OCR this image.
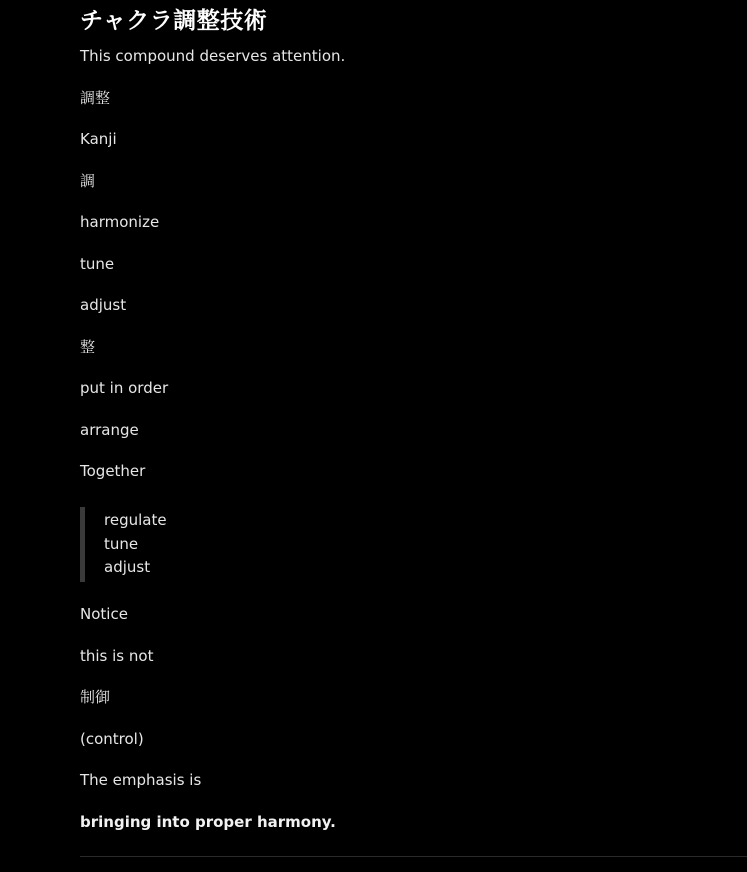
チャクラ調整技術

This compound deserves attention.

調整

Kanji

調

harmonize

tune

adjust

整

put in order

arrange

Together

regulate

tune

adjust

Notice

this is not

制御

(control)

The emphasis is

bringing into proper harmony.
